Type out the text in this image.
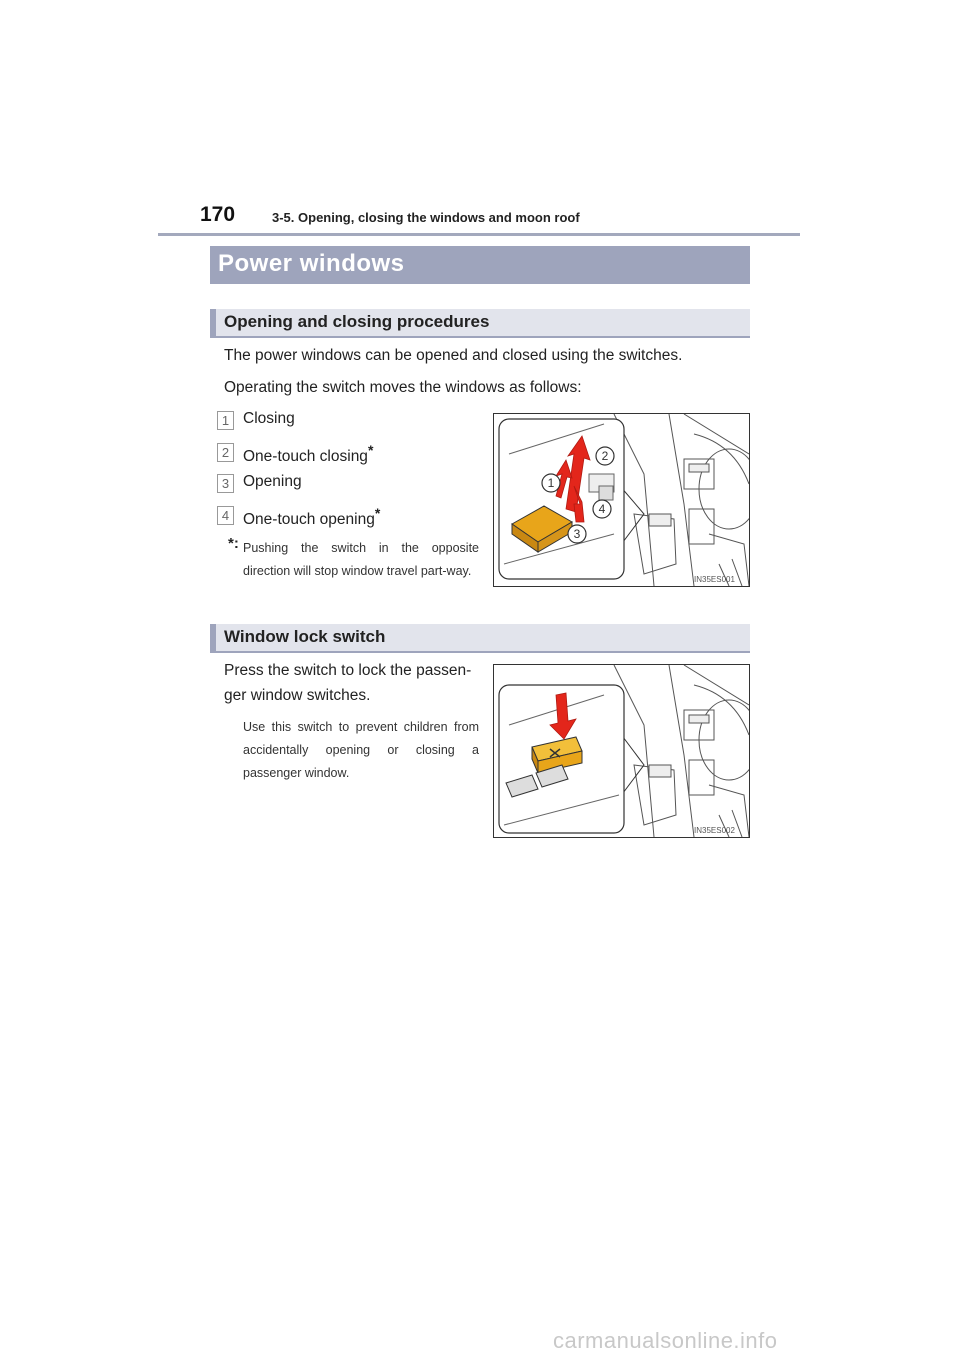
170	3-5. Opening, closing the windows and moon roof
Power windows
Opening and closing procedures
The power windows can be opened and closed using the switches.
Operating the switch moves the windows as follows:
1 Closing
2 One-touch closing*
3 Opening
4 One-touch opening*
*: Pushing the switch in the opposite direction will stop window travel part-way.
1
2
3
4
IN35ES001
Window lock switch
Press the switch to lock the passen-
ger window switches.
Use this switch to prevent children from accidentally opening or closing a passenger window.
IN35ES002
carmanualsonline.info
